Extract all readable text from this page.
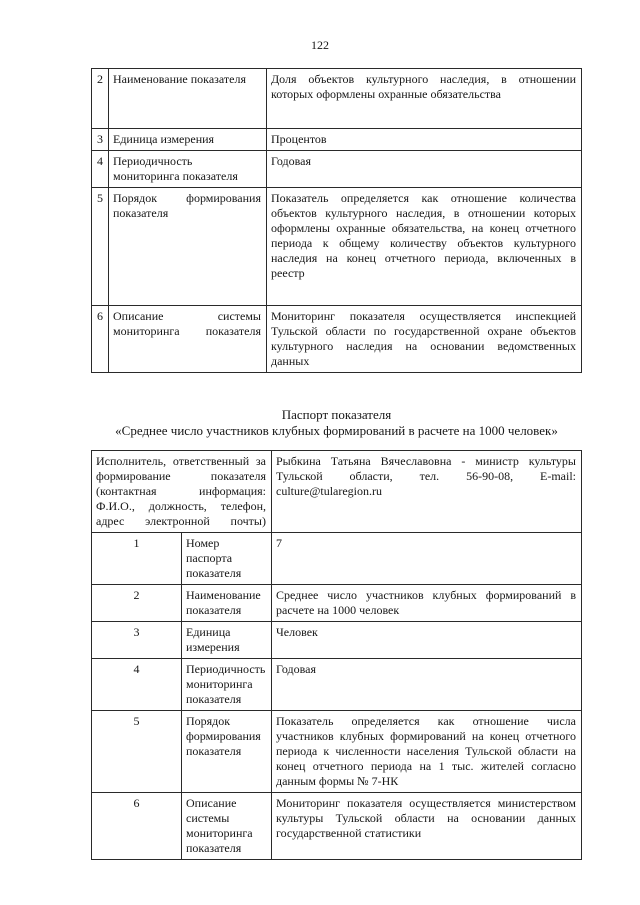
122
2	Наименование показателя	Доля объектов культурного наследия, в отношении которых оформлены охранные обязательства
3	Единица измерения	Процентов
4	Периодичность мониторинга показателя	Годовая
5	Порядок формирования показателя	Показатель определяется как отношение количества объектов культурного наследия, в отношении которых оформлены охранные обязательства, на конец отчетного периода к общему количеству объектов культурного наследия на конец отчетного периода, включенных в реестр
6	Описание системы мониторинга показателя	Мониторинг показателя осуществляется инспекцией Тульской области по государственной охране объектов культурного наследия на основании ведомственных данных
Паспорт показателя
«Среднее число участников клубных формирований в расчете на 1000 человек»
Исполнитель, ответственный за формирование показателя (контактная информация: Ф.И.О., должность, телефон, адрес электронной почты)		Рыбкина Татьяна Вячеславовна - министр культуры Тульской области, тел. 56-90-08, E-mail: culture@tularegion.ru
1	Номер паспорта показателя	7
2	Наименование показателя	Среднее число участников клубных формирований в расчете на 1000 человек
3	Единица измерения	Человек
4	Периодичность мониторинга показателя	Годовая
5	Порядок формирования показателя	Показатель определяется как отношение числа участников клубных формирований на конец отчетного периода к численности населения Тульской области на конец отчетного периода на 1 тыс. жителей согласно данным формы № 7-НК
6	Описание системы мониторинга показателя	Мониторинг показателя осуществляется министерством культуры Тульской области на основании данных государственной статистики
